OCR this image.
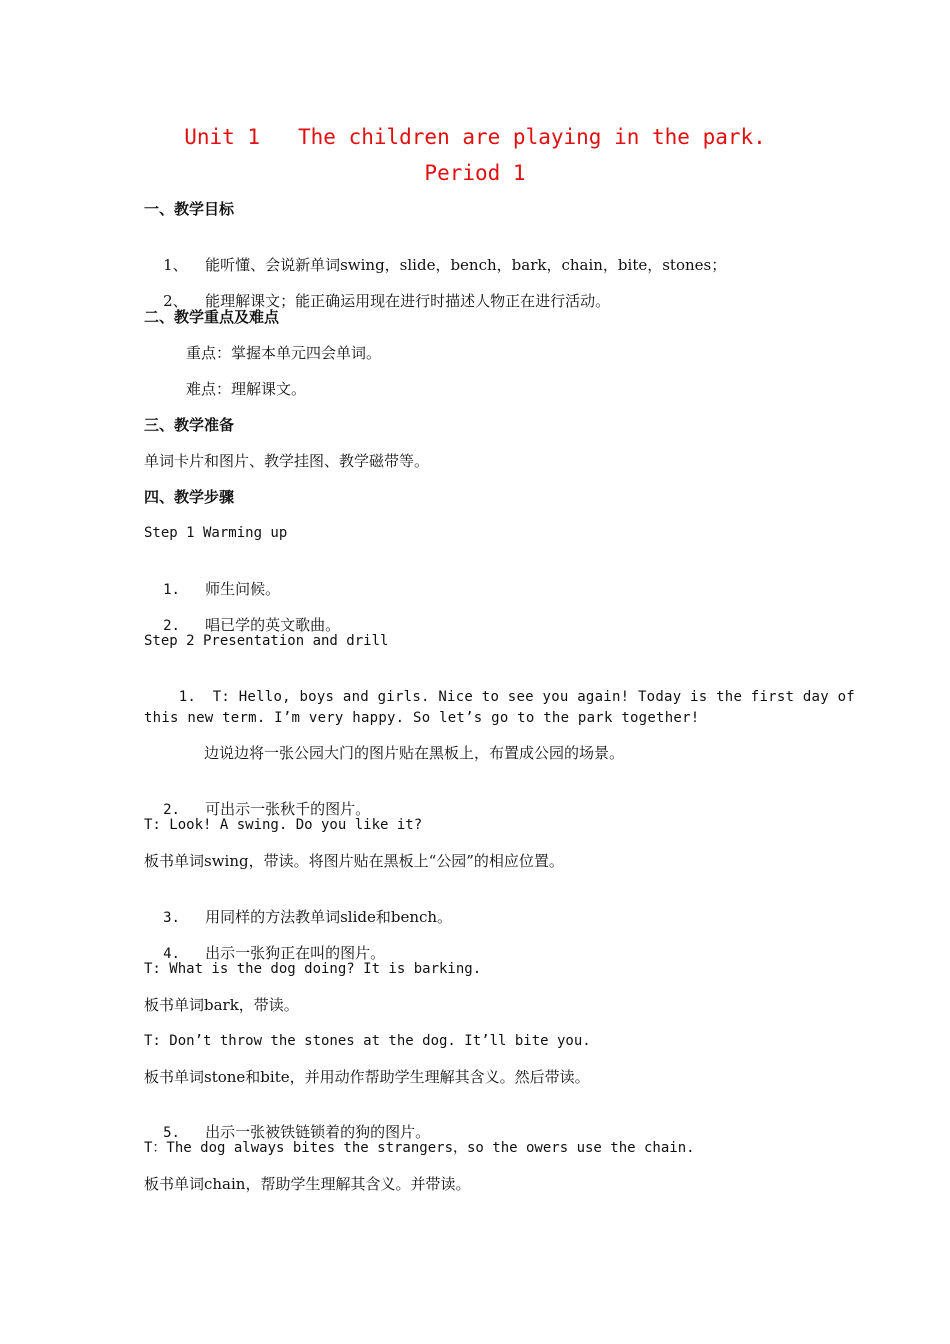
Unit 1   The children are playing in the park.
Period 1
一、教学目标

1、 能听懂、会说新单词swing，slide，bench，bark，chain，bite，stones；

2、 能理解课文；能正确运用现在进行时描述人物正在进行活动。

二、教学重点及难点
重点：掌握本单元四会单词。
难点：理解课文。
三、教学准备
单词卡片和图片、教学挂图、教学磁带等。
四、教学步骤
Step 1 Warming up

1. 师生问候。

2. 唱已学的英文歌曲。

Step 2 Presentation and drill

1. T: Hello, boys and girls. Nice to see you again! Today is the first day of

this new term. I’m very happy. So let’s go to the park together!
边说边将一张公园大门的图片贴在黑板上，布置成公园的场景。

2. 可出示一张秋千的图片。

T: Look! A swing. Do you like it?
板书单词swing，带读。将图片贴在黑板上“公园”的相应位置。

3. 用同样的方法教单词slide和bench。

4. 出示一张狗正在叫的图片。

T: What is the dog doing? It is barking.
板书单词bark，带读。
T: Don’t throw the stones at the dog. It’ll bite you.
板书单词stone和bite，并用动作帮助学生理解其含义。然后带读。

5. 出示一张被铁链锁着的狗的图片。

T：The dog always bites the strangers，so the owers use the chain.
板书单词chain，帮助学生理解其含义。并带读。
